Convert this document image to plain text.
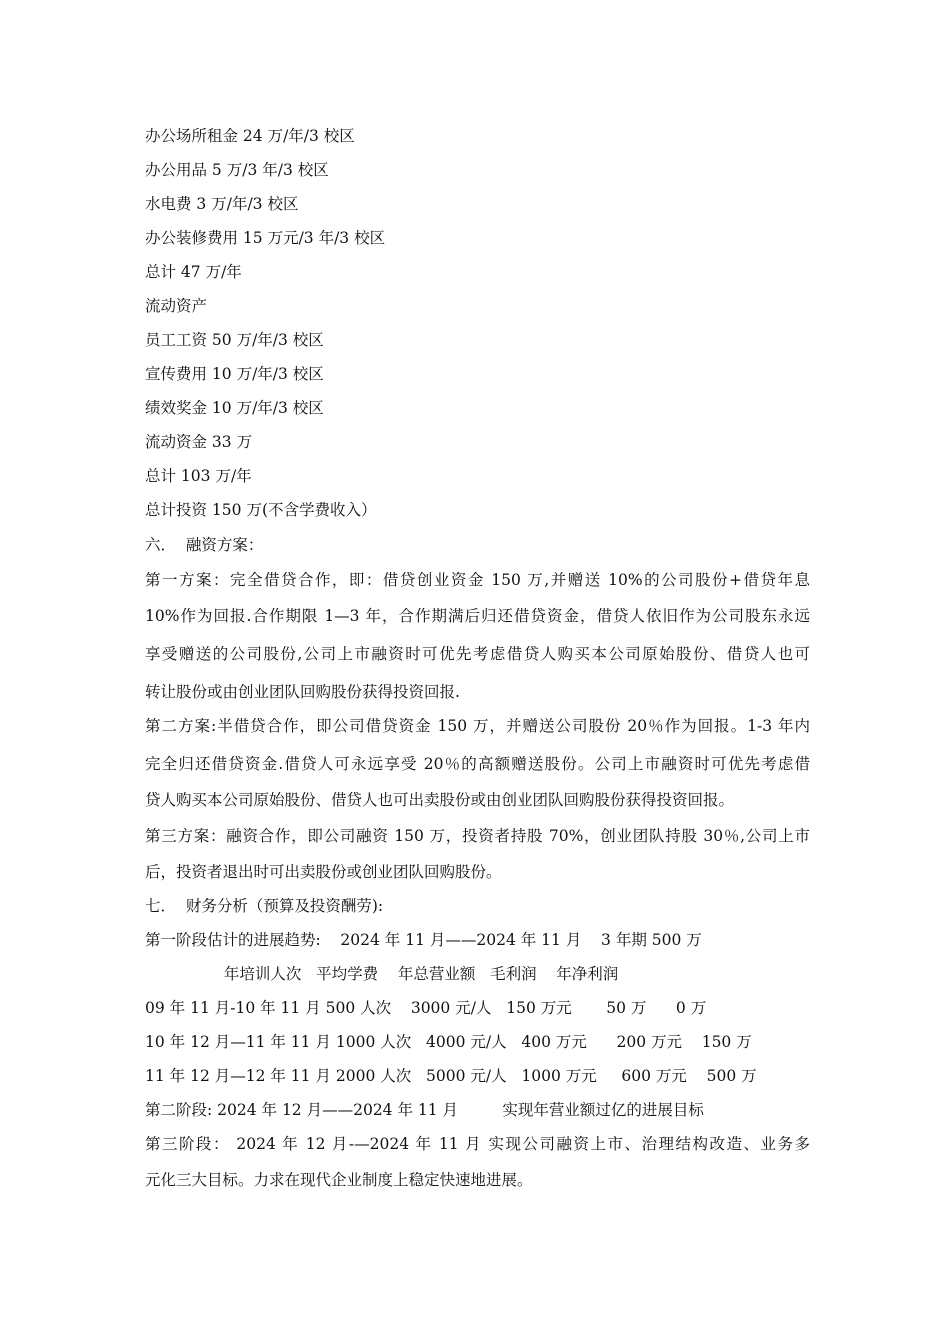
办公场所租金 24 万/年/3 校区
办公用品 5 万/3 年/3 校区
水电费 3 万/年/3 校区
办公装修费用 15 万元/3 年/3 校区
总计 47 万/年
流动资产
员工工资 50 万/年/3 校区
宣传费用 10 万/年/3 校区
绩效奖金 10 万/年/3 校区
流动资金 33 万
总计 103 万/年
总计投资 150 万(不含学费收入）
六．  融资方案：
第一方案：完全借贷合作，即：借贷创业资金 150 万,并赠送 10%的公司股份+借贷年息
10%作为回报.合作期限 1—3 年，合作期满后归还借贷资金，借贷人依旧作为公司股东永远
享受赠送的公司股份,公司上市融资时可优先考虑借贷人购买本公司原始股份、借贷人也可
转让股份或由创业团队回购股份获得投资回报.
第二方案:半借贷合作，即公司借贷资金 150 万，并赠送公司股份 20％作为回报。1-3 年内
完全归还借贷资金.借贷人可永远享受 20％的高额赠送股份。公司上市融资时可优先考虑借
贷人购买本公司原始股份、借贷人也可出卖股份或由创业团队回购股份获得投资回报。
第三方案：融资合作，即公司融资 150 万，投资者持股 70%，创业团队持股 30％,公司上市
后，投资者退出时可出卖股份或创业团队回购股份。
七．  财务分析（预算及投资酬劳):
第一阶段估计的进展趋势:    2024 年 11 月——2024 年 11 月    3 年期 500 万
年培训人次   平均学费    年总营业额   毛利润    年净利润
09 年 11 月-10 年 11 月 500 人次    3000 元/人   150 万元       50 万      0 万
10 年 12 月—11 年 11 月 1000 人次   4000 元/人   400 万元      200 万元    150 万
11 年 12 月—12 年 11 月 2000 人次   5000 元/人   1000 万元     600 万元    500 万
第二阶段: 2024 年 12 月——2024 年 11 月         实现年营业额过亿的进展目标
第三阶段： 2024 年 12 月-—2024 年 11 月 实现公司融资上市、治理结构改造、业务多
元化三大目标。力求在现代企业制度上稳定快速地进展。
